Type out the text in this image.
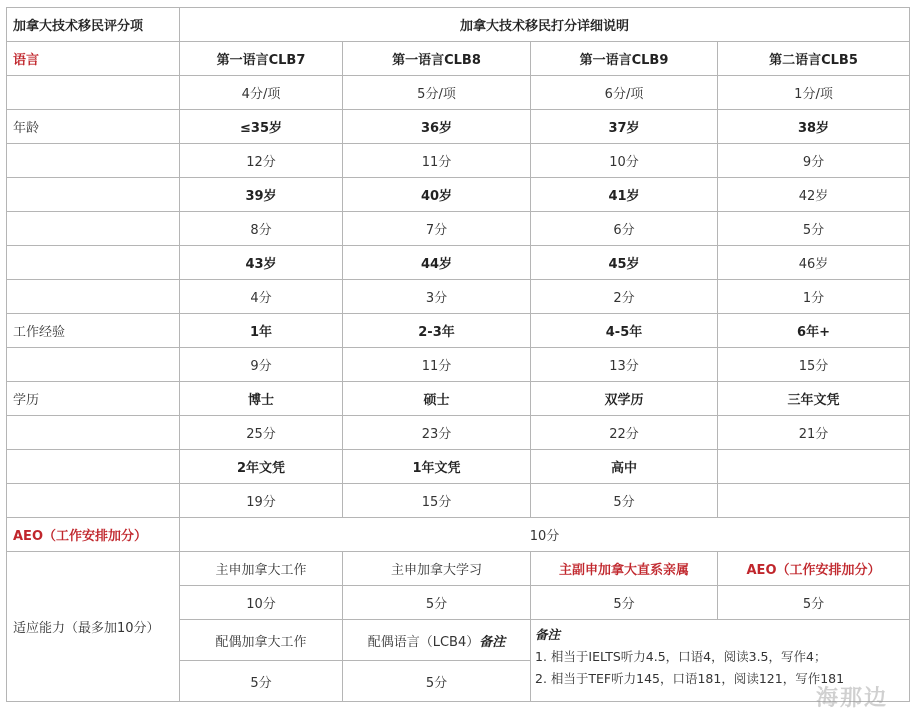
加拿大技术移民评分项	加拿大技术移民打分详细说明			
语言	第一语言CLB7	第一语言CLB8	第一语言CLB9	第二语言CLB5
	4分/项	5分/项	6分/项	1分/项
年龄	≤35岁	36岁	37岁	38岁
	12分	11分	10分	9分
	39岁	40岁	41岁	42岁
	8分	7分	6分	5分
	43岁	44岁	45岁	46岁
	4分	3分	2分	1分
工作经验	1年	2-3年	4-5年	6年+
	9分	11分	13分	15分
学历	博士	硕士	双学历	三年文凭
	25分	23分	22分	21分
	2年文凭	1年文凭	高中	
	19分	15分	5分	
AEO（工作安排加分）	10分			
适应能力（最多加10分）	主申加拿大工作	主申加拿大学习	主副申加拿大直系亲属	AEO（工作安排加分）
	10分	5分	5分	5分
	配偶加拿大工作	配偶语言（LCB4）备注	备注
1. 相当于IELTS听力4.5，口语4，阅读3.5，写作4；
2. 相当于TEF听力145，口语181，阅读121，写作181	

	5分	5分		
海那边
